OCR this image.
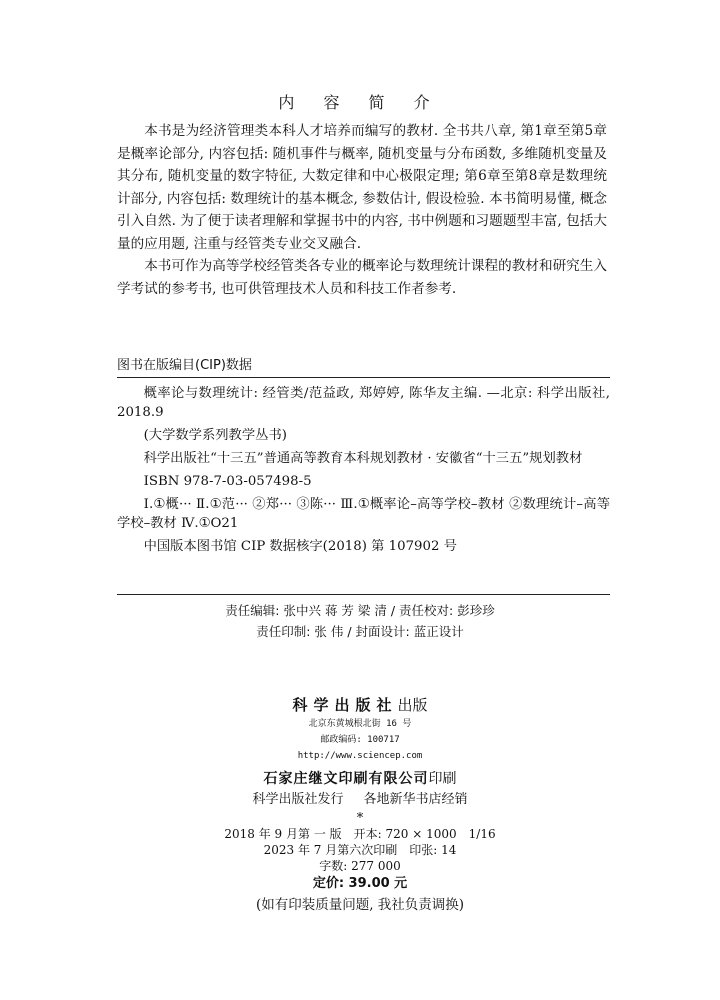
内 容 简 介

本书是为经济管理类本科人才培养而编写的教材. 全书共八章, 第1章至第5章是概率论部分, 内容包括: 随机事件与概率, 随机变量与分布函数, 多维随机变量及其分布, 随机变量的数字特征, 大数定律和中心极限定理; 第6章至第8章是数理统计部分, 内容包括: 数理统计的基本概念, 参数估计, 假设检验. 本书简明易懂, 概念引入自然. 为了便于读者理解和掌握书中的内容, 书中例题和习题题型丰富, 包括大量的应用题, 注重与经管类专业交叉融合.

本书可作为高等学校经管类各专业的概率论与数理统计课程的教材和研究生入学考试的参考书, 也可供管理技术人员和科技工作者参考.

图书在版编目(CIP)数据
概率论与数理统计: 经管类/范益政, 郑婷婷, 陈华友主编. —北京: 科学出版社, 2018.9
(大学数学系列教学丛书)
科学出版社“十三五”普通高等教育本科规划教材 · 安徽省“十三五”规划教材
ISBN 978-7-03-057498-5
Ⅰ.①概··· Ⅱ.①范··· ②郑··· ③陈··· Ⅲ.①概率论–高等学校–教材 ②数理统计–高等学校–教材 Ⅳ.①O21
中国版本图书馆 CIP 数据核字(2018) 第 107902 号
责任编辑: 张中兴 蒋 芳 梁 清 / 责任校对: 彭珍珍
责任印制: 张 伟 / 封面设计: 蓝正设计
科学出版社出版
北京东黄城根北街 16 号
邮政编码: 100717
http://www.sciencep.com
石家庄继文印刷有限公司印刷
科学出版社发行 各地新华书店经销
*
2018 年 9 月第 一 版 开本: 720 × 1000 1/16
2023 年 7 月第六次印刷 印张: 14
字数: 277 000
定价: 39.00 元
(如有印装质量问题, 我社负责调换)
